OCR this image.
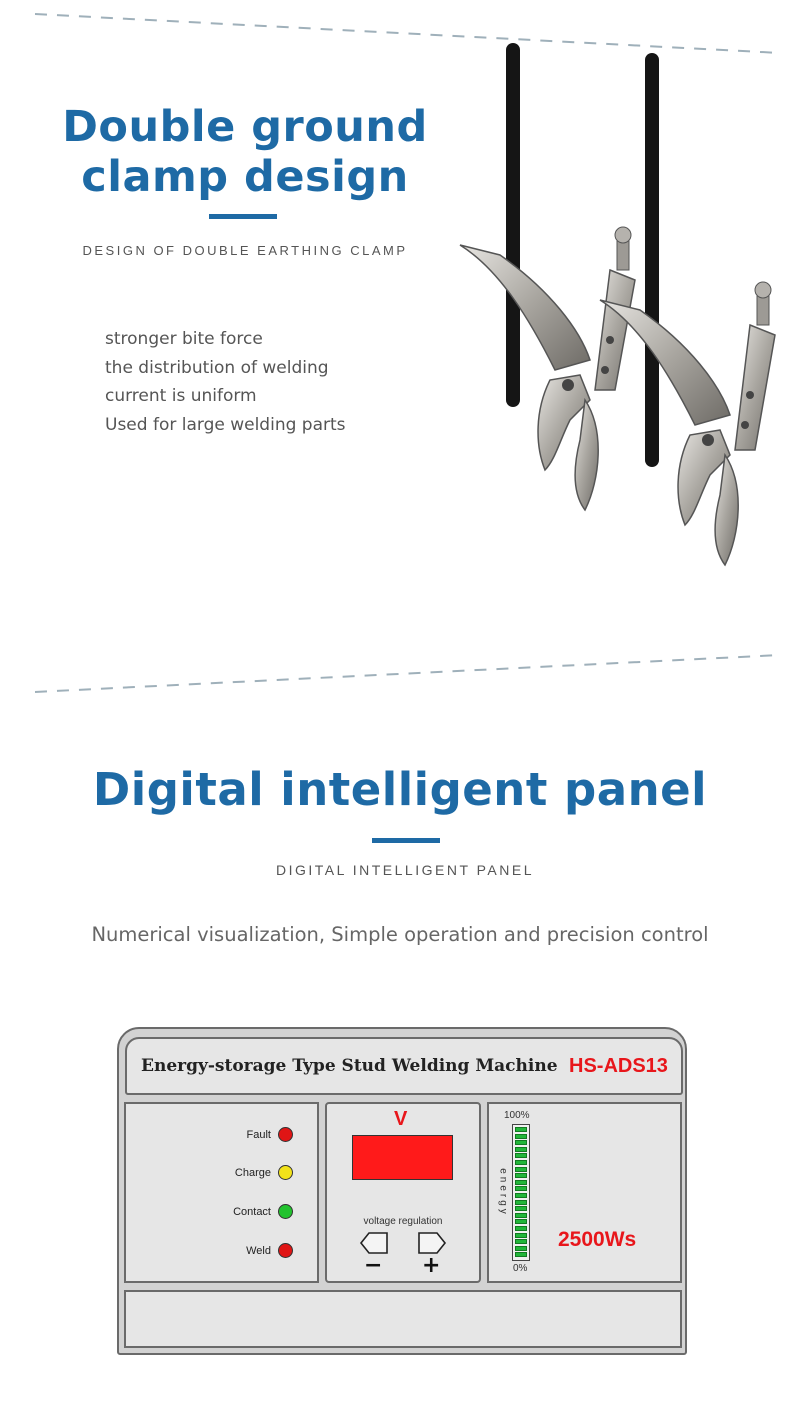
Double ground
clamp design
DESIGN OF DOUBLE EARTHING CLAMP

stronger bite force

the distribution of welding

current is uniform

Used for large welding parts

Digital intelligent panel
DIGITAL INTELLIGENT PANEL
Numerical visualization, Simple operation and precision control
Energy-storage Type Stud Welding Machine HS-ADS13
Fault
Charge
Contact
Weld
V
voltage regulation
− +
100%
0%
energy
2500Ws
